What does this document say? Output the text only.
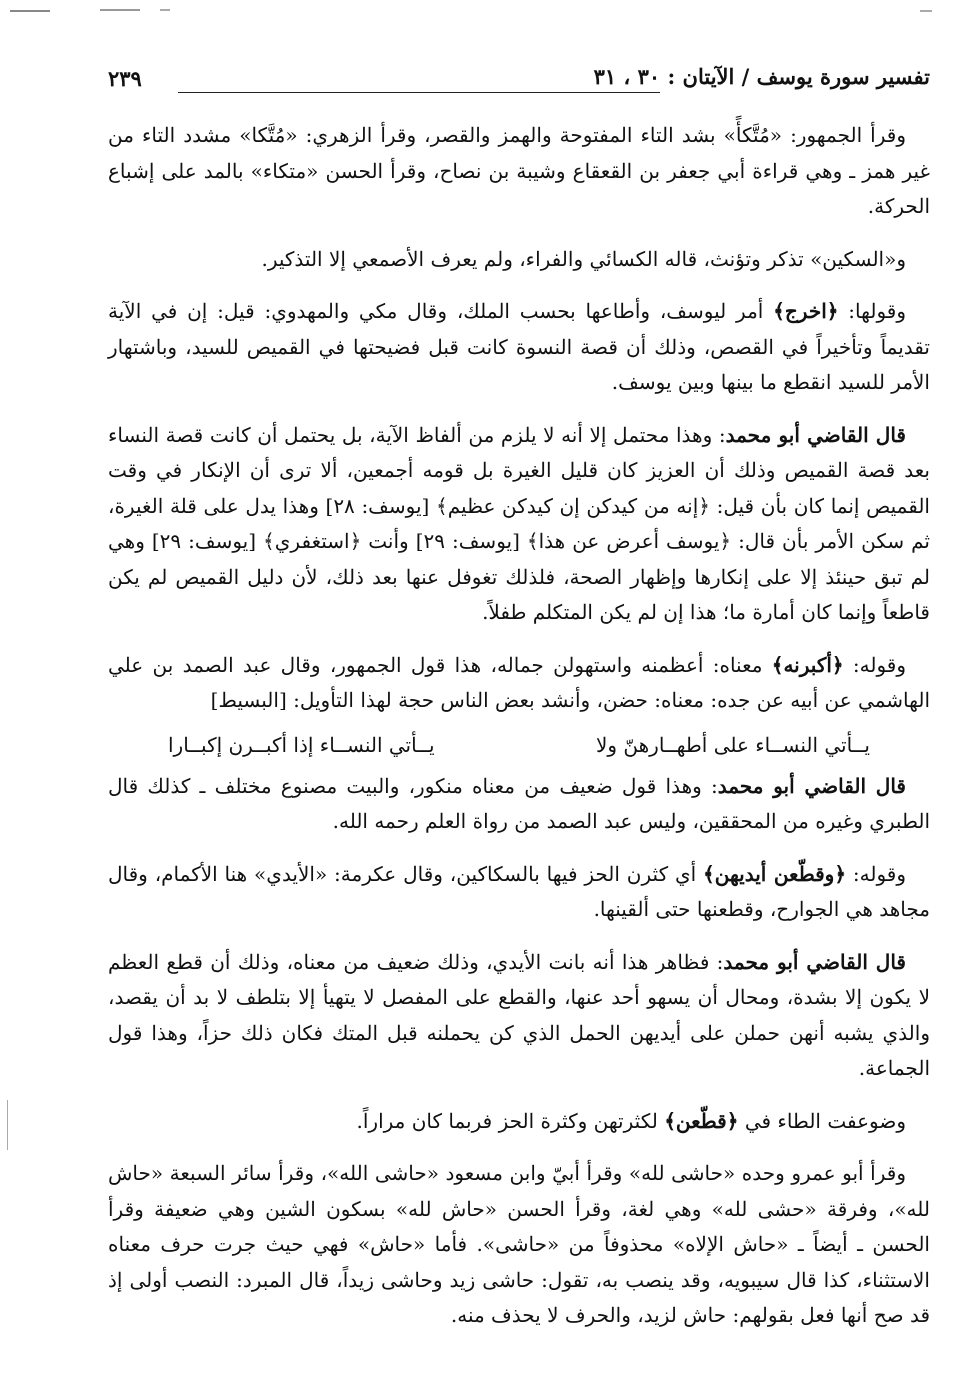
تفسير سورة يوسف / الآيتان : ٣٠ ، ٣١
٢٣٩

وقرأ الجمهور: «مُتَّكأً» بشد التاء المفتوحة والهمز والقصر، وقرأ الزهري: «مُتَّكا» مشدد التاء من غير همز ـ وهي قراءة أبي جعفر بن القعقاع وشيبة بن نصاح، وقرأ الحسن «متكاء» بالمد على إشباع الحركة.

و«السكين» تذكر وتؤنث، قاله الكسائي والفراء، ولم يعرف الأصمعي إلا التذكير.

وقولها: ﴿اخرج﴾ أمر ليوسف، وأطاعها بحسب الملك، وقال مكي والمهدوي: قيل: إن في الآية تقديماً وتأخيراً في القصص، وذلك أن قصة النسوة كانت قبل فضيحتها في القميص للسيد، وباشتهار الأمر للسيد انقطع ما بينها وبين يوسف.

قال القاضي أبو محمد: وهذا محتمل إلا أنه لا يلزم من ألفاظ الآية، بل يحتمل أن كانت قصة النساء بعد قصة القميص وذلك أن العزيز كان قليل الغيرة بل قومه أجمعين، ألا ترى أن الإنكار في وقت القميص إنما كان بأن قيل: ﴿إنه من كيدكن إن كيدكن عظيم﴾ [يوسف: ٢٨] وهذا يدل على قلة الغيرة، ثم سكن الأمر بأن قال: ﴿يوسف أعرض عن هذا﴾ [يوسف: ٢٩] وأنت ﴿استغفري﴾ [يوسف: ٢٩] وهي لم تبق حينئذ إلا على إنكارها وإظهار الصحة، فلذلك تغوفل عنها بعد ذلك، لأن دليل القميص لم يكن قاطعاً وإنما كان أمارة ما؛ هذا إن لم يكن المتكلم طفلاً.

وقوله: ﴿أكبرنه﴾ معناه: أعظمنه واستهولن جماله، هذا قول الجمهور، وقال عبد الصمد بن علي الهاشمي عن أبيه عن جده: معناه: حضن، وأنشد بعض الناس حجة لهذا التأويل: [البسيط]

يــأتي النســاء على أطهــارهنّ ولا
يــأتي النســاء إذا أكبــرن إكبــارا

قال القاضي أبو محمد: وهذا قول ضعيف من معناه منكور، والبيت مصنوع مختلف ـ كذلك قال الطبري وغيره من المحققين، وليس عبد الصمد من رواة العلم رحمه الله.

وقوله: ﴿وقطّعن أيديهن﴾ أي كثرن الحز فيها بالسكاكين، وقال عكرمة: «الأيدي» هنا الأكمام، وقال مجاهد هي الجوارح، وقطعنها حتى ألقينها.

قال القاضي أبو محمد: فظاهر هذا أنه بانت الأيدي، وذلك ضعيف من معناه، وذلك أن قطع العظم لا يكون إلا بشدة، ومحال أن يسهو أحد عنها، والقطع على المفصل لا يتهيأ إلا بتلطف لا بد أن يقصد، والذي يشبه أنهن حملن على أيديهن الحمل الذي كن يحملنه قبل المتك فكان ذلك حزاً، وهذا قول الجماعة.

وضوعفت الطاء في ﴿قطّعن﴾ لكثرتهن وكثرة الحز فربما كان مراراً.

وقرأ أبو عمرو وحده «حاشى لله» وقرأ أبيّ وابن مسعود «حاشى الله»، وقرأ سائر السبعة «حاش لله»، وفرقة «حشى لله» وهي لغة، وقرأ الحسن «حاش لله» بسكون الشين وهي ضعيفة وقرأ الحسن ـ أيضاً ـ «حاش الإلاه» محذوفاً من «حاشى». فأما «حاش» فهي حيث جرت حرف معناه الاستثناء، كذا قال سيبويه، وقد ينصب به، تقول: حاشى زيد وحاشى زيداً، قال المبرد: النصب أولى إذ قد صح أنها فعل بقولهم: حاش لزيد، والحرف لا يحذف منه.
